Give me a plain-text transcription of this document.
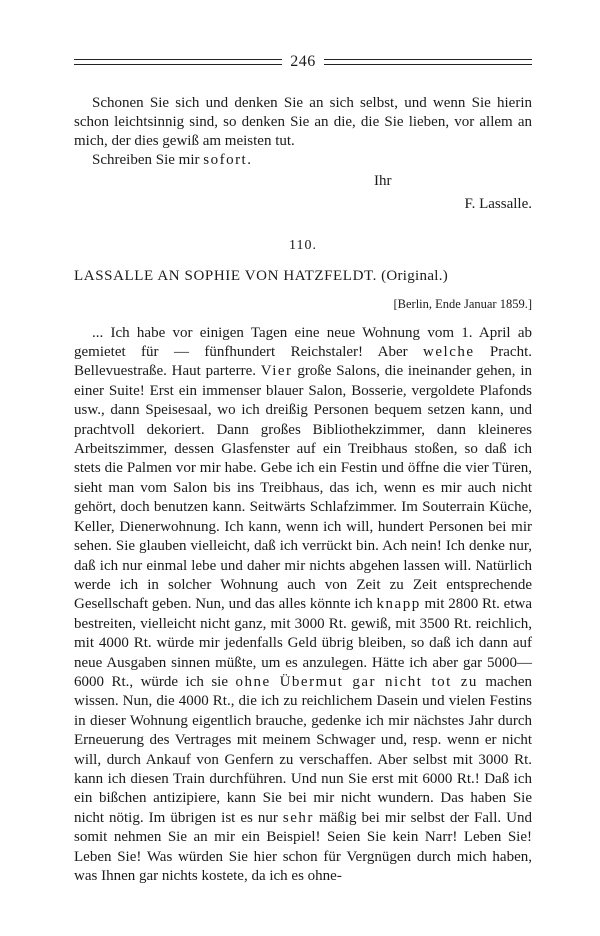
246

Schonen Sie sich und denken Sie an sich selbst, und wenn Sie hierin schon leichtsinnig sind, so denken Sie an die, die Sie lieben, vor allem an mich, der dies gewiß am meisten tut.

Schreiben Sie mir sofort.

Ihr
F. Lassalle.
110.
LASSALLE AN SOPHIE VON HATZFELDT. (Original.)
[Berlin, Ende Januar 1859.]

... Ich habe vor einigen Tagen eine neue Wohnung vom 1. April ab gemietet für — fünfhundert Reichstaler! Aber welche Pracht. Bellevuestraße. Haut parterre. Vier große Salons, die ineinander gehen, in einer Suite! Erst ein immenser blauer Salon, Bosserie, vergoldete Plafonds usw., dann Speisesaal, wo ich dreißig Personen bequem setzen kann, und prachtvoll dekoriert. Dann großes Bibliothekzimmer, dann kleineres Arbeitszimmer, dessen Glasfenster auf ein Treibhaus stoßen, so daß ich stets die Palmen vor mir habe. Gebe ich ein Festin und öffne die vier Türen, sieht man vom Salon bis ins Treibhaus, das ich, wenn es mir auch nicht gehört, doch benutzen kann. Seitwärts Schlafzimmer. Im Souterrain Küche, Keller, Dienerwohnung. Ich kann, wenn ich will, hundert Personen bei mir sehen. Sie glauben vielleicht, daß ich verrückt bin. Ach nein! Ich denke nur, daß ich nur einmal lebe und daher mir nichts abgehen lassen will. Natürlich werde ich in solcher Wohnung auch von Zeit zu Zeit entsprechende Gesellschaft geben. Nun, und das alles könnte ich knapp mit 2800 Rt. etwa bestreiten, vielleicht nicht ganz, mit 3000 Rt. gewiß, mit 3500 Rt. reichlich, mit 4000 Rt. würde mir jedenfalls Geld übrig bleiben, so daß ich dann auf neue Ausgaben sinnen müßte, um es anzulegen. Hätte ich aber gar 5000—6000 Rt., würde ich sie ohne Übermut gar nicht tot zu machen wissen. Nun, die 4000 Rt., die ich zu reichlichem Dasein und vielen Festins in dieser Wohnung eigentlich brauche, gedenke ich mir nächstes Jahr durch Erneuerung des Vertrages mit meinem Schwager und, resp. wenn er nicht will, durch Ankauf von Genfern zu verschaffen. Aber selbst mit 3000 Rt. kann ich diesen Train durchführen. Und nun Sie erst mit 6000 Rt.! Daß ich ein bißchen antizipiere, kann Sie bei mir nicht wundern. Das haben Sie nicht nötig. Im übrigen ist es nur sehr mäßig bei mir selbst der Fall. Und somit nehmen Sie an mir ein Beispiel! Seien Sie kein Narr! Leben Sie! Leben Sie! Was würden Sie hier schon für Vergnügen durch mich haben, was Ihnen gar nichts kostete, da ich es ohne-
